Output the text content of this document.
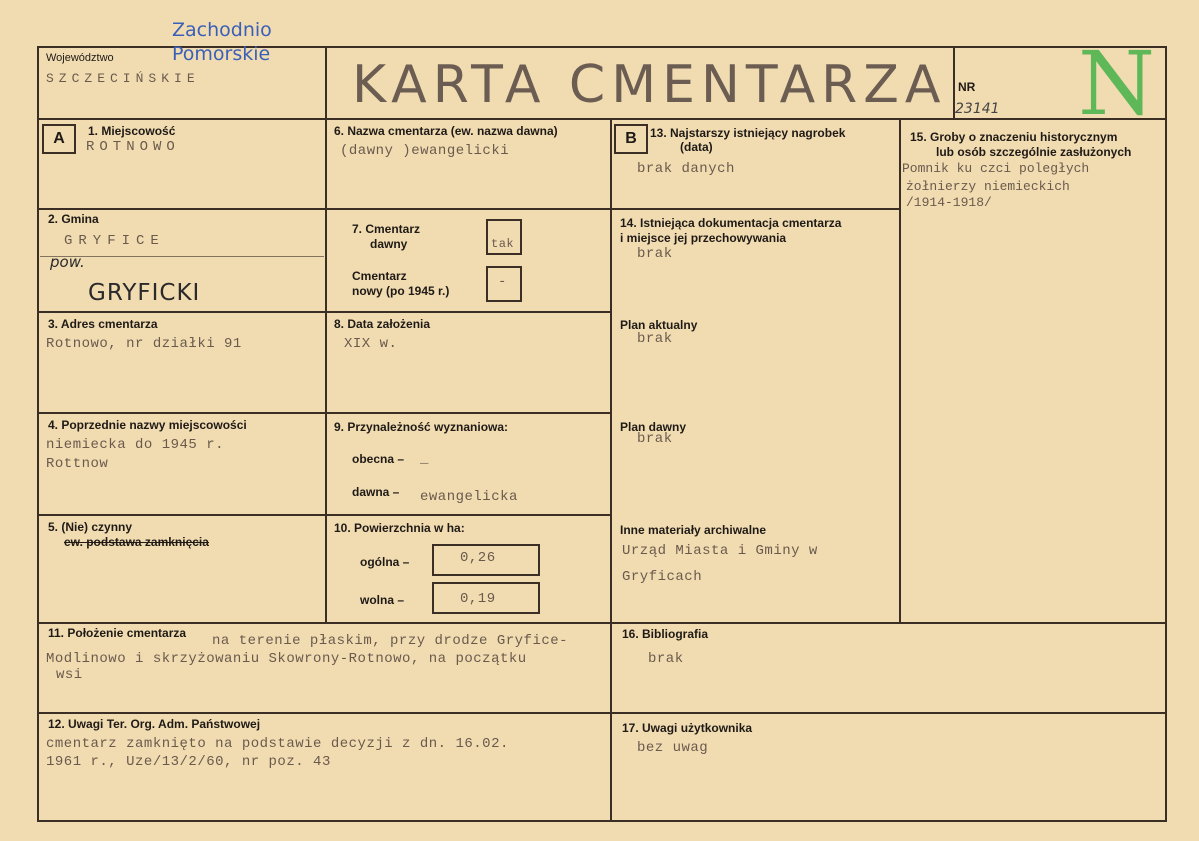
Województwo
SZCZECIŃSKIE
Zachodnio
Pomorskie
KARTA CMENTARZA NR
23141 N
A	B
1. Miejscowość
ROTNOWO
2. Gmina
GRYFICE
pow.
GRYFICKI
3. Adres cmentarza
Rotnowo, nr działki 91
4. Poprzednie nazwy miejscowości
niemiecka do 1945 r.
Rottnow
5. (Nie) czynny
ew. podstawa zamknięcia
6. Nazwa cmentarza (ew. nazwa dawna)
(dawny )ewangelicki
7. Cmentarz
dawny	tak
Cmentarz
nowy (po 1945 r.)
-
8. Data założenia
XIX w.
9. Przynależność wyznaniowa:
obecna – _
dawna – ewangelicka
10. Powierzchnia w ha:
ogólna –	0,26
wolna –	0,19
11. Położenie cmentarza na terenie płaskim, przy drodze Gryfice-
Modlinowo i skrzyżowaniu Skowrony-Rotnowo, na początku
wsi
12. Uwagi Ter. Org. Adm. Państwowej
cmentarz zamknięto na podstawie decyzji z dn. 16.02.
1961 r., Uze/13/2/60, nr poz. 43
13. Najstarszy istniejący nagrobek
(data)
brak danych
14. Istniejąca dokumentacja cmentarza
i miejsce jej przechowywania
brak
Plan aktualny
brak
Plan dawny
brak
Inne materiały archiwalne
Urząd Miasta i Gminy w
Gryficach
15. Groby o znaczeniu historycznym
lub osób szczególnie zasłużonych
Pomnik ku czci poległych
żołnierzy niemieckich
/1914-1918/
16. Bibliografia
brak
17. Uwagi użytkownika
bez uwag
